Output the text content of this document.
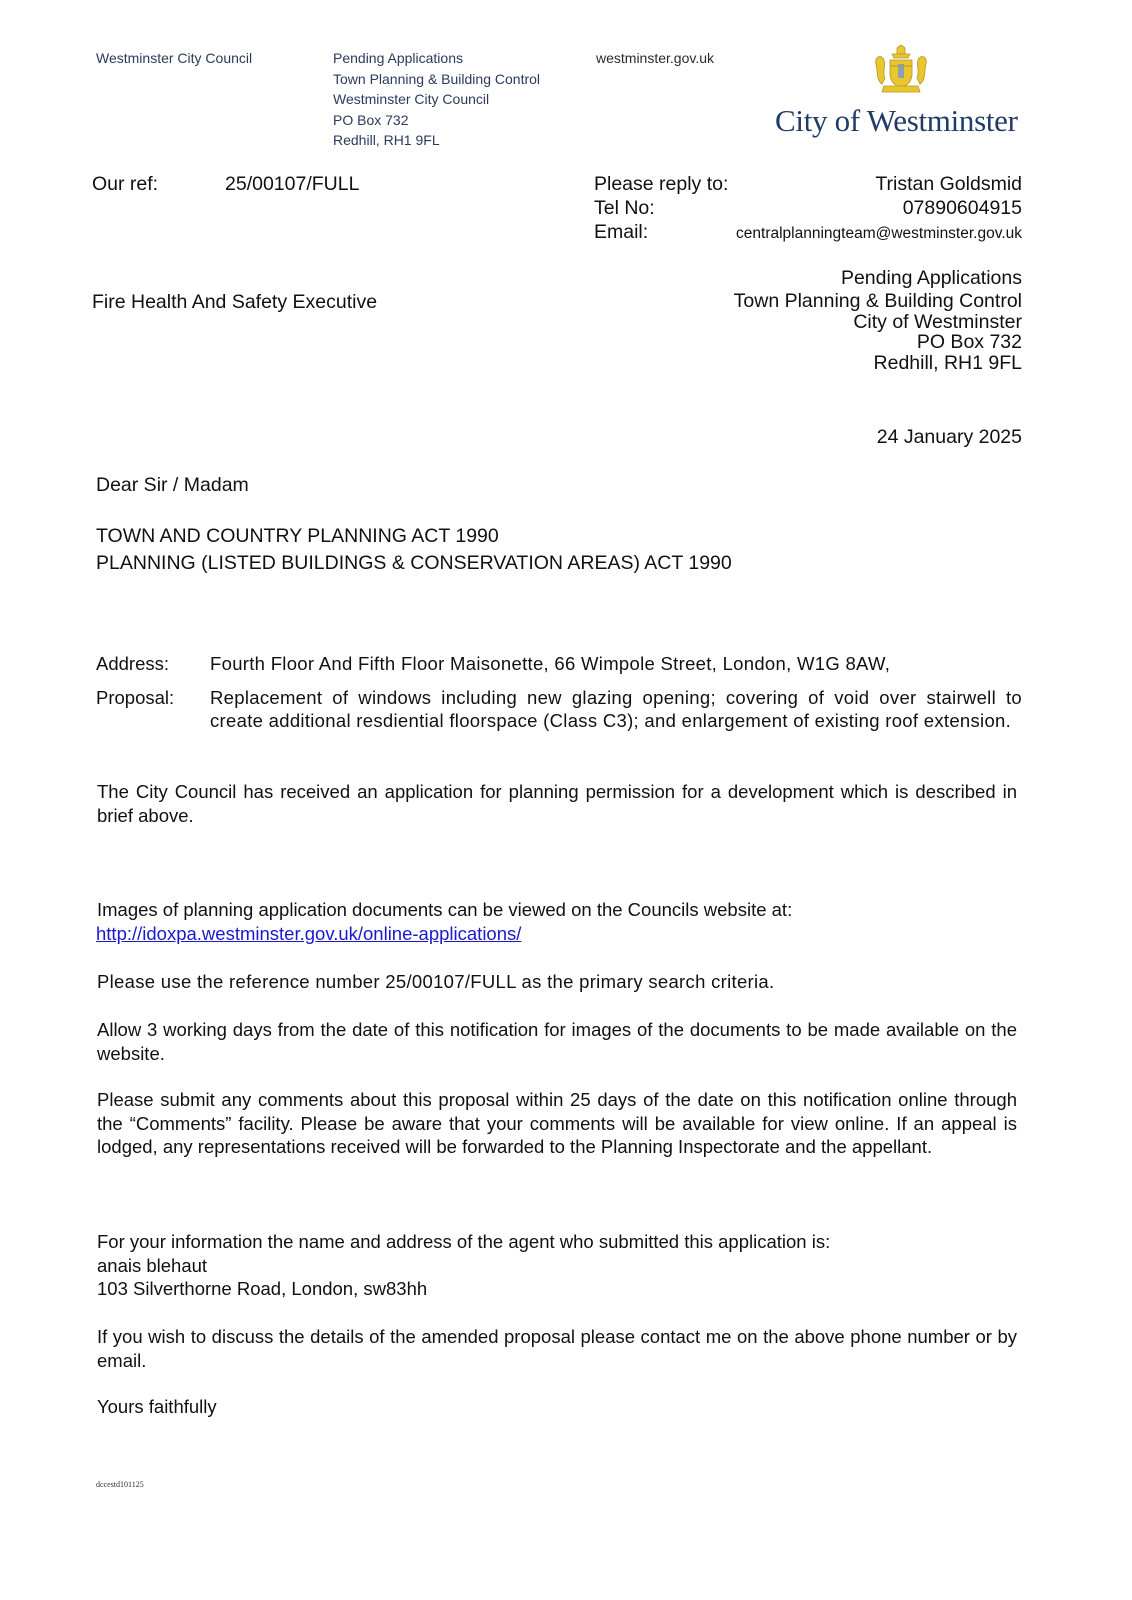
Westminster City Council	Pending Applications
Town Planning & Building Control
Westminster City Council
PO Box 732
Redhill, RH1 9FL
westminster.gov.uk
City of Westminster
Our ref:	25/00107/FULL	Please reply to:	Tristan Goldsmid
Tel No:	07890604915
Email:	centralplanningteam@westminster.gov.uk
Fire Health And Safety Executive
Pending Applications
Town Planning & Building Control
City of Westminster
PO Box 732
Redhill, RH1 9FL
24 January 2025
Dear Sir / Madam
TOWN AND COUNTRY PLANNING ACT 1990
PLANNING (LISTED BUILDINGS & CONSERVATION AREAS) ACT 1990
Address: Fourth Floor And Fifth Floor Maisonette, 66 Wimpole Street, London, W1G 8AW,
Proposal: Replacement of windows including new glazing opening; covering of void over stairwell to create additional resdiential floorspace (Class C3); and enlargement of existing roof extension.
The City Council has received an application for planning permission for a development which is described in brief above.
Images of planning application documents can be viewed on the Councils website at:
http://idoxpa.westminster.gov.uk/online-applications/
Please use the reference number 25/00107/FULL as the primary search criteria.
Allow 3 working days from the date of this notification for images of the documents to be made available on the website.
Please submit any comments about this proposal within 25 days of the date on this notification online through the “Comments” facility. Please be aware that your comments will be available for view online. If an appeal is lodged, any representations received will be forwarded to the Planning Inspectorate and the appellant.
For your information the name and address of the agent who submitted this application is:
anais blehaut
103 Silverthorne Road, London, sw83hh
If you wish to discuss the details of the amended proposal please contact me on the above phone number or by email.
Yours faithfully
dccestd101125
